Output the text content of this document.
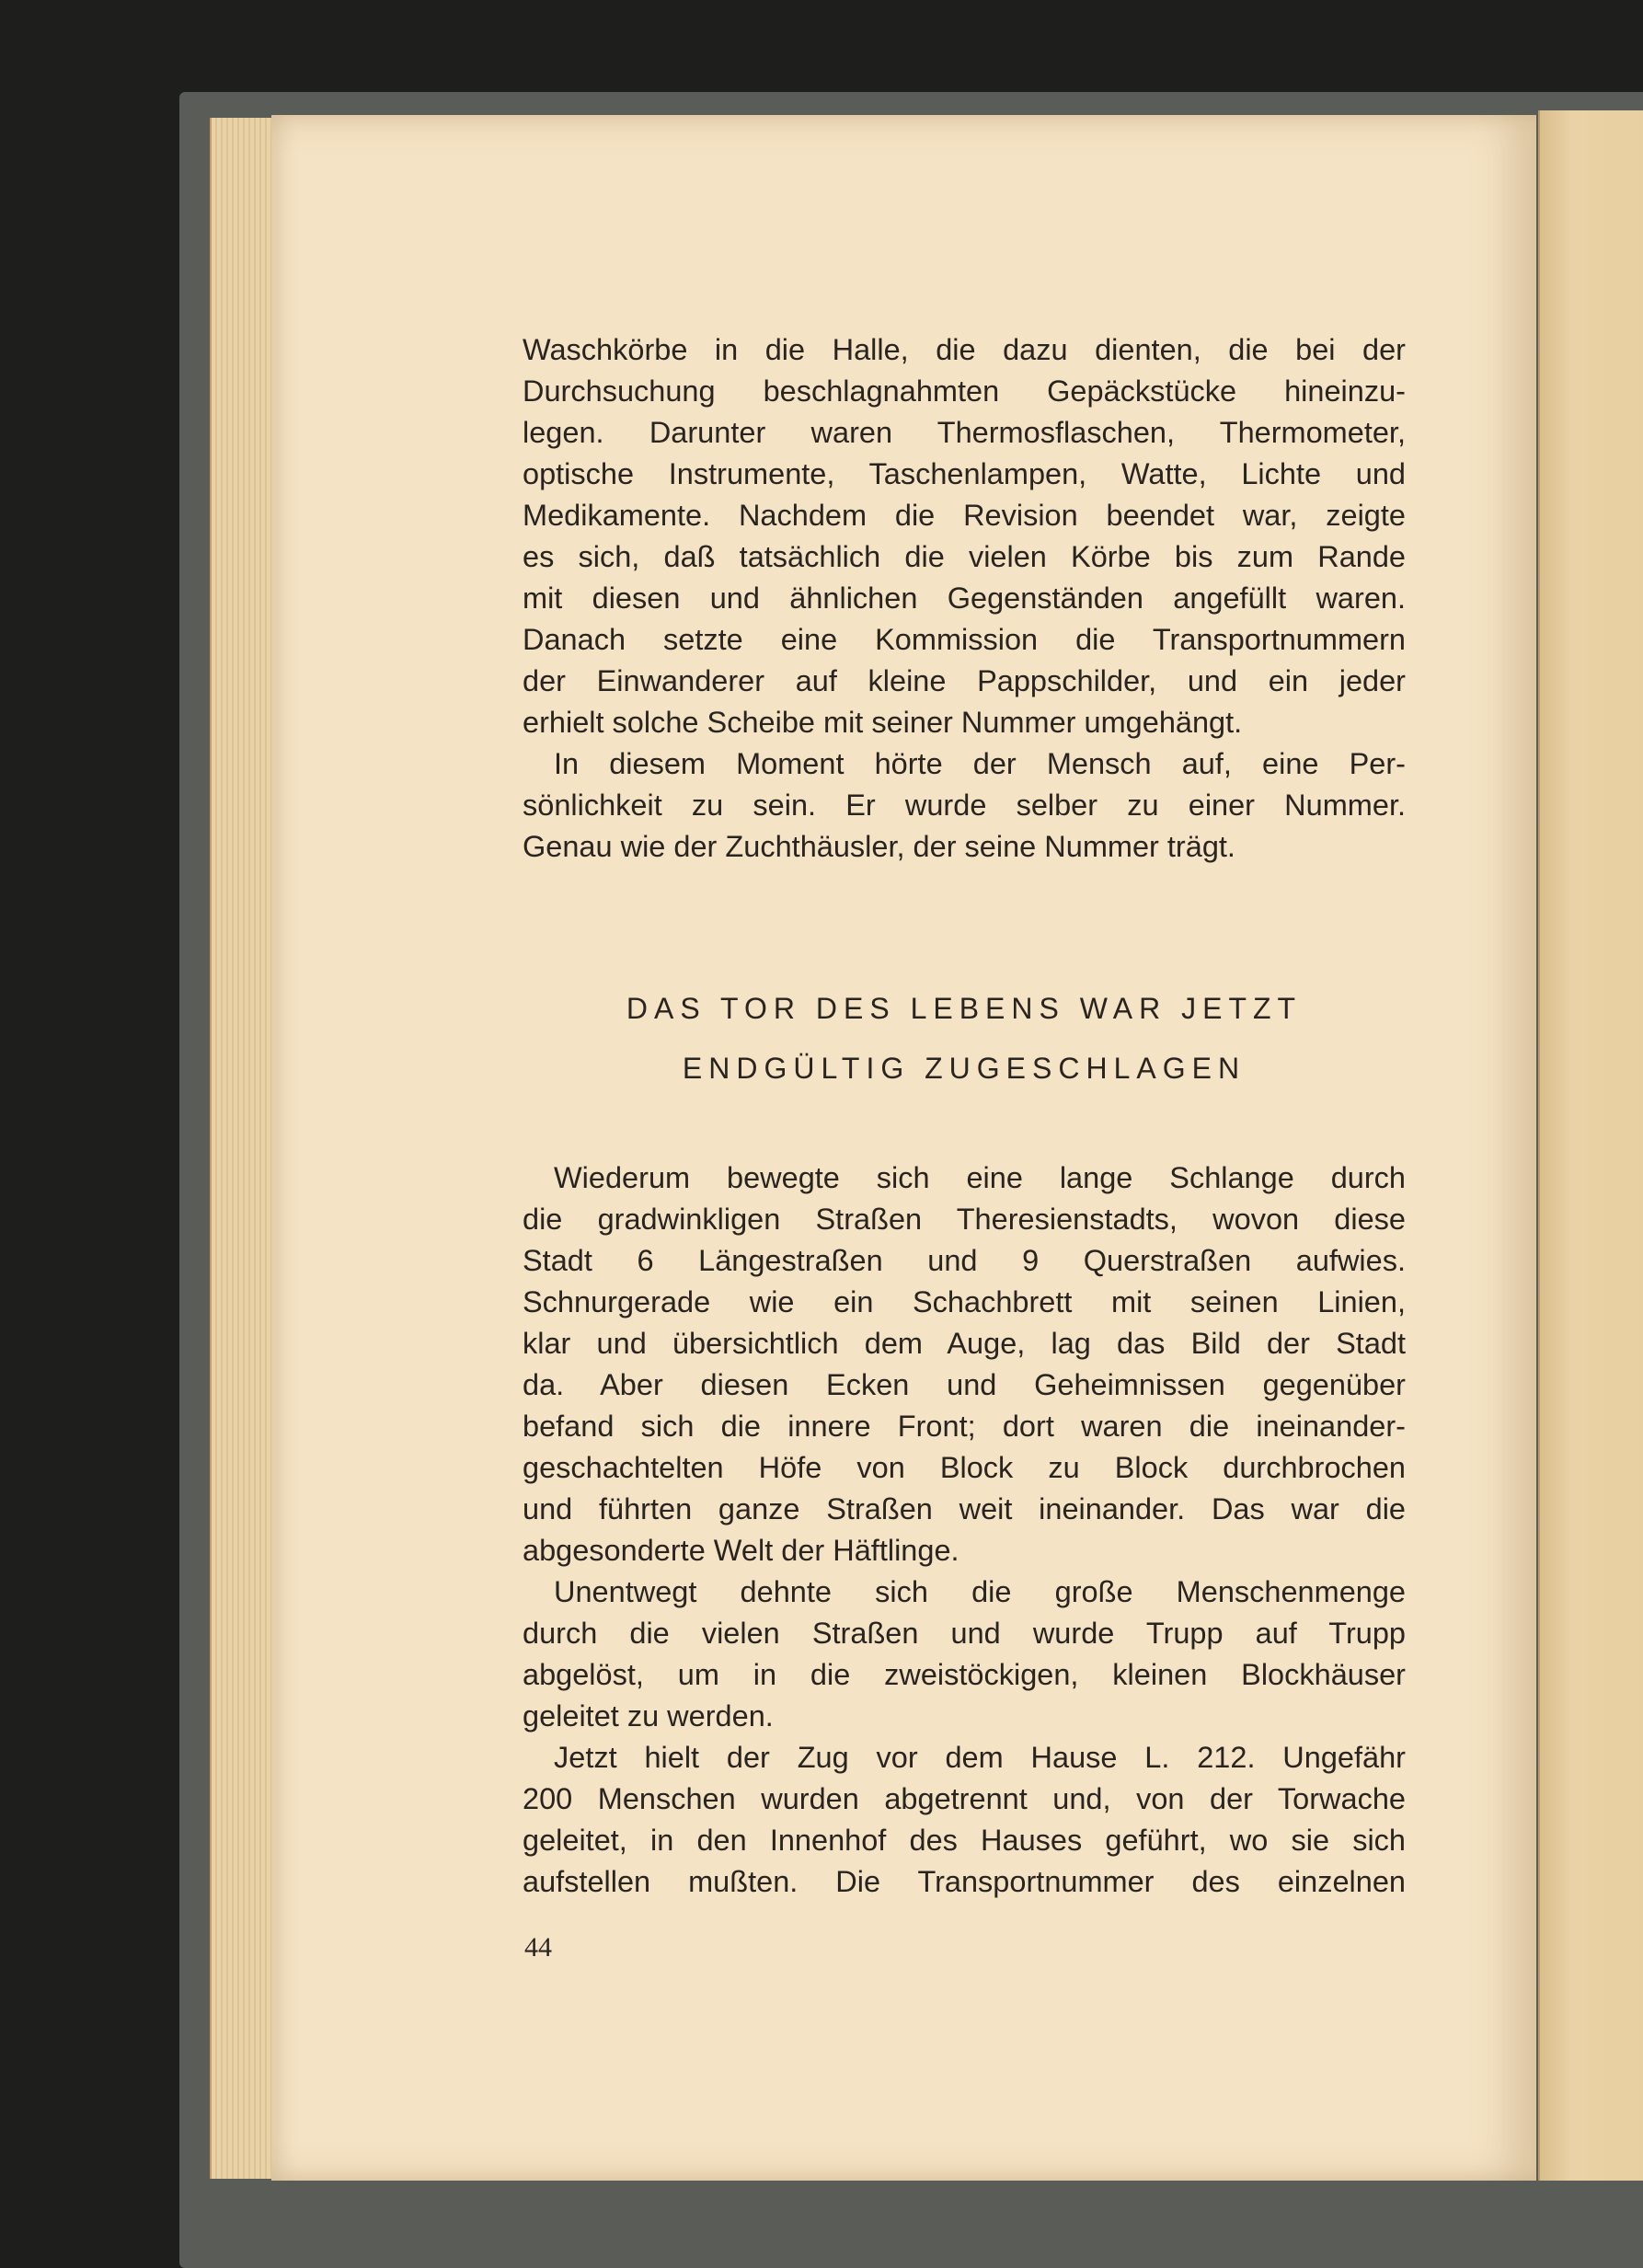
Waschkörbe in die Halle, die dazu dienten, die bei der
Durchsuchung beschlagnahmten Gepäckstücke hineinzu-
legen. Darunter waren Thermosflaschen, Thermometer,
optische Instrumente, Taschenlampen, Watte, Lichte und
Medikamente. Nachdem die Revision beendet war, zeigte
es sich, daß tatsächlich die vielen Körbe bis zum Rande
mit diesen und ähnlichen Gegenständen angefüllt waren.
Danach setzte eine Kommission die Transportnummern
der Einwanderer auf kleine Pappschilder, und ein jeder
erhielt solche Scheibe mit seiner Nummer umgehängt.
In diesem Moment hörte der Mensch auf, eine Per-
sönlichkeit zu sein. Er wurde selber zu einer Nummer.
Genau wie der Zuchthäusler, der seine Nummer trägt.
DAS TOR DES LEBENS WAR JETZT
ENDGÜLTIG ZUGESCHLAGEN
Wiederum bewegte sich eine lange Schlange durch
die gradwinkligen Straßen Theresienstadts, wovon diese
Stadt 6 Längestraßen und 9 Querstraßen aufwies.
Schnurgerade wie ein Schachbrett mit seinen Linien,
klar und übersichtlich dem Auge, lag das Bild der Stadt
da. Aber diesen Ecken und Geheimnissen gegenüber
befand sich die innere Front; dort waren die ineinander-
geschachtelten Höfe von Block zu Block durchbrochen
und führten ganze Straßen weit ineinander. Das war die
abgesonderte Welt der Häftlinge.
Unentwegt dehnte sich die große Menschenmenge
durch die vielen Straßen und wurde Trupp auf Trupp
abgelöst, um in die zweistöckigen, kleinen Blockhäuser
geleitet zu werden.
Jetzt hielt der Zug vor dem Hause L. 212. Ungefähr
200 Menschen wurden abgetrennt und, von der Torwache
geleitet, in den Innenhof des Hauses geführt, wo sie sich
aufstellen mußten. Die Transportnummer des einzelnen
44
